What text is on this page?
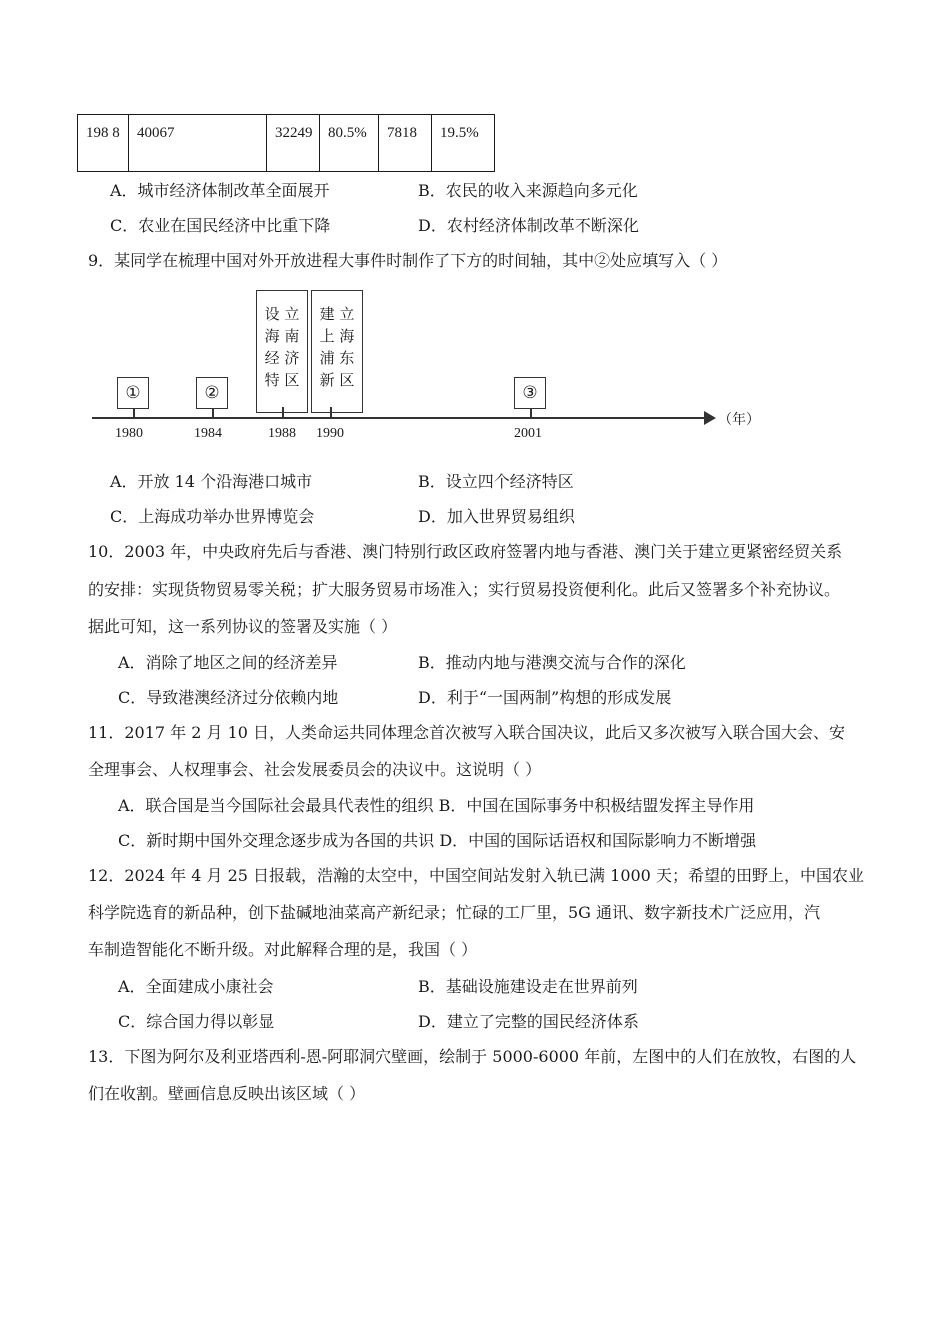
198 8	40067	32249	80.5%	7818	19.5%
A．城市经济体制改革全面展开	B．农民的收入来源趋向多元化
C．农业在国民经济中比重下降	D．农村经济体制改革不断深化
9．某同学在梳理中国对外开放进程大事件时制作了下方的时间轴，其中②处应填写入（ ）
（年）
①	②
设 立
海 南
经 济
特 区
建 立
上 海
浦 东
新 区
③
1980	1984	1988 1990	2001
A．开放 14 个沿海港口城市	B．设立四个经济特区
C．上海成功举办世界博览会	D．加入世界贸易组织
10．2003 年，中央政府先后与香港、澳门特别行政区政府签署内地与香港、澳门关于建立更紧密经贸关系
的安排：实现货物贸易零关税；扩大服务贸易市场准入；实行贸易投资便利化。此后又签署多个补充协议。
据此可知，这一系列协议的签署及实施（ ）
A．消除了地区之间的经济差异	B．推动内地与港澳交流与合作的深化
C．导致港澳经济过分依赖内地	D．利于“一国两制”构想的形成发展
11．2017 年 2 月 10 日，人类命运共同体理念首次被写入联合国决议，此后又多次被写入联合国大会、安
全理事会、人权理事会、社会发展委员会的决议中。这说明（ ）
A．联合国是当今国际社会最具代表性的组织 B．中国在国际事务中积极结盟发挥主导作用
C．新时期中国外交理念逐步成为各国的共识 D．中国的国际话语权和国际影响力不断增强
12．2024 年 4 月 25 日报载，浩瀚的太空中，中国空间站发射入轨已满 1000 天；希望的田野上，中国农业
科学院选育的新品种，创下盐碱地油菜高产新纪录；忙碌的工厂里，5G 通讯、数字新技术广泛应用，汽
车制造智能化不断升级。对此解释合理的是，我国（ ）
A．全面建成小康社会	B．基础设施建设走在世界前列
C．综合国力得以彰显	D．建立了完整的国民经济体系
13．下图为阿尔及利亚塔西利-恩-阿耶洞穴壁画，绘制于 5000-6000 年前，左图中的人们在放牧，右图的人
们在收割。壁画信息反映出该区域（ ）
